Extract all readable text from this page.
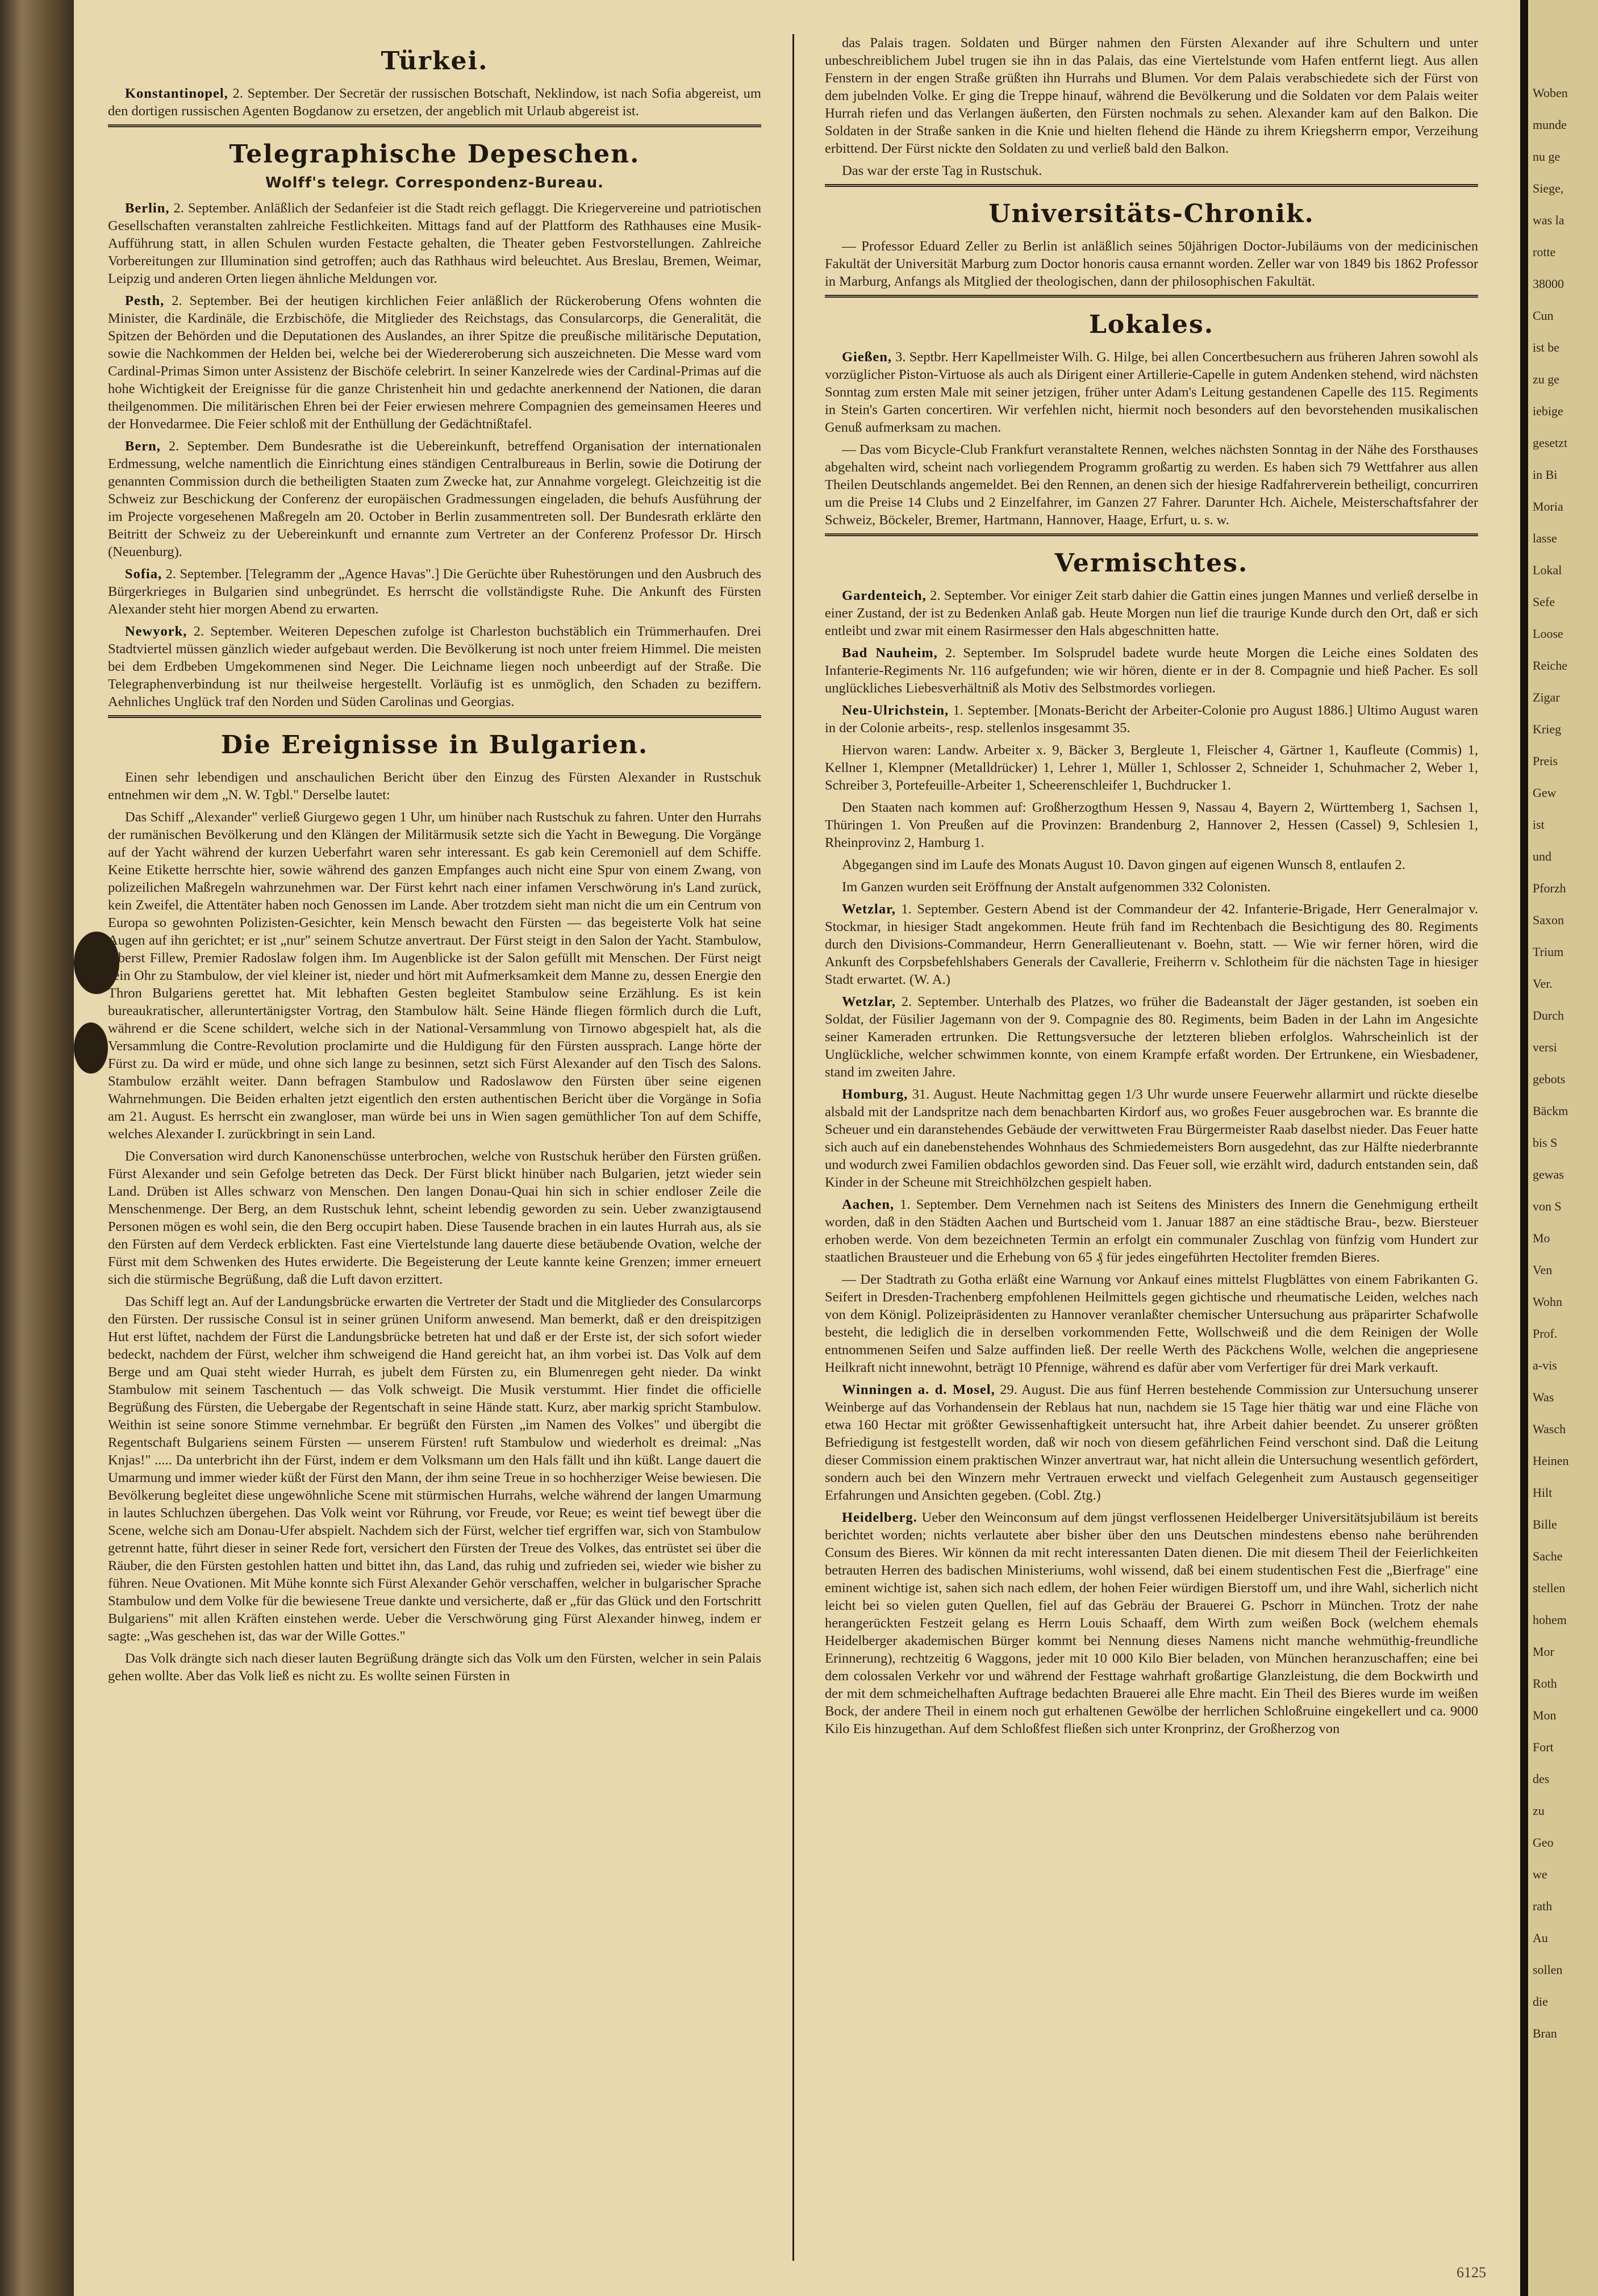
Türkei.

Konstantinopel, 2. September. Der Secretär der russischen Botschaft, Neklindow, ist nach Sofia abgereist, um den dortigen russischen Agenten Bogdanow zu ersetzen, der angeblich mit Urlaub abgereist ist.

Telegraphische Depeschen.
Wolff's telegr. Correspondenz-Bureau.

Berlin, 2. September. Anläßlich der Sedanfeier ist die Stadt reich geflaggt. Die Kriegervereine und patriotischen Gesellschaften veranstalten zahlreiche Festlichkeiten. Mittags fand auf der Plattform des Rathhauses eine Musik-Aufführung statt, in allen Schulen wurden Festacte gehalten, die Theater geben Festvorstellungen. Zahlreiche Vorbereitungen zur Illumination sind getroffen; auch das Rathhaus wird beleuchtet. Aus Breslau, Bremen, Weimar, Leipzig und anderen Orten liegen ähnliche Meldungen vor.

Pesth, 2. September. Bei der heutigen kirchlichen Feier anläßlich der Rückeroberung Ofens wohnten die Minister, die Kardinäle, die Erzbischöfe, die Mitglieder des Reichstags, das Consularcorps, die Generalität, die Spitzen der Behörden und die Deputationen des Auslandes, an ihrer Spitze die preußische militärische Deputation, sowie die Nachkommen der Helden bei, welche bei der Wiedereroberung sich auszeichneten. Die Messe ward vom Cardinal-Primas Simon unter Assistenz der Bischöfe celebrirt. In seiner Kanzelrede wies der Cardinal-Primas auf die hohe Wichtigkeit der Ereignisse für die ganze Christenheit hin und gedachte anerkennend der Nationen, die daran theilgenommen. Die militärischen Ehren bei der Feier erwiesen mehrere Compagnien des gemeinsamen Heeres und der Honvedarmee. Die Feier schloß mit der Enthüllung der Gedächtnißtafel.

Bern, 2. September. Dem Bundesrathe ist die Uebereinkunft, betreffend Organisation der internationalen Erdmessung, welche namentlich die Einrichtung eines ständigen Centralbureaus in Berlin, sowie die Dotirung der genannten Commission durch die betheiligten Staaten zum Zwecke hat, zur Annahme vorgelegt. Gleichzeitig ist die Schweiz zur Beschickung der Conferenz der europäischen Gradmessungen eingeladen, die behufs Ausführung der im Projecte vorgesehenen Maßregeln am 20. October in Berlin zusammentreten soll. Der Bundesrath erklärte den Beitritt der Schweiz zu der Uebereinkunft und ernannte zum Vertreter an der Conferenz Professor Dr. Hirsch (Neuenburg).

Sofia, 2. September. [Telegramm der „Agence Havas".] Die Gerüchte über Ruhestörungen und den Ausbruch des Bürgerkrieges in Bulgarien sind unbegründet. Es herrscht die vollständigste Ruhe. Die Ankunft des Fürsten Alexander steht hier morgen Abend zu erwarten.

Newyork, 2. September. Weiteren Depeschen zufolge ist Charleston buchstäblich ein Trümmerhaufen. Drei Stadtviertel müssen gänzlich wieder aufgebaut werden. Die Bevölkerung ist noch unter freiem Himmel. Die meisten bei dem Erdbeben Umgekommenen sind Neger. Die Leichname liegen noch unbeerdigt auf der Straße. Die Telegraphenverbindung ist nur theilweise hergestellt. Vorläufig ist es unmöglich, den Schaden zu beziffern. Aehnliches Unglück traf den Norden und Süden Carolinas und Georgias.

Die Ereignisse in Bulgarien.

Einen sehr lebendigen und anschaulichen Bericht über den Einzug des Fürsten Alexander in Rustschuk entnehmen wir dem „N. W. Tgbl." Derselbe lautet:

Das Schiff „Alexander" verließ Giurgewo gegen 1 Uhr, um hinüber nach Rustschuk zu fahren. Unter den Hurrahs der rumänischen Bevölkerung und den Klängen der Militärmusik setzte sich die Yacht in Bewegung. Die Vorgänge auf der Yacht während der kurzen Ueberfahrt waren sehr interessant. Es gab kein Ceremoniell auf dem Schiffe. Keine Etikette herrschte hier, sowie während des ganzen Empfanges auch nicht eine Spur von einem Zwang, von polizeilichen Maßregeln wahrzunehmen war. Der Fürst kehrt nach einer infamen Verschwörung in's Land zurück, kein Zweifel, die Attentäter haben noch Genossen im Lande. Aber trotzdem sieht man nicht die um ein Centrum von Europa so gewohnten Polizisten-Gesichter, kein Mensch bewacht den Fürsten — das begeisterte Volk hat seine Augen auf ihn gerichtet; er ist „nur" seinem Schutze anvertraut. Der Fürst steigt in den Salon der Yacht. Stambulow, Oberst Fillew, Premier Radoslaw folgen ihm. Im Augenblicke ist der Salon gefüllt mit Menschen. Der Fürst neigt sein Ohr zu Stambulow, der viel kleiner ist, nieder und hört mit Aufmerksamkeit dem Manne zu, dessen Energie den Thron Bulgariens gerettet hat. Mit lebhaften Gesten begleitet Stambulow seine Erzählung. Es ist kein bureaukratischer, alleruntertänigster Vortrag, den Stambulow hält. Seine Hände fliegen förmlich durch die Luft, während er die Scene schildert, welche sich in der National-Versammlung von Tirnowo abgespielt hat, als die Versammlung die Contre-Revolution proclamirte und die Huldigung für den Fürsten aussprach. Lange hörte der Fürst zu. Da wird er müde, und ohne sich lange zu besinnen, setzt sich Fürst Alexander auf den Tisch des Salons. Stambulow erzählt weiter. Dann befragen Stambulow und Radoslawow den Fürsten über seine eigenen Wahrnehmungen. Die Beiden erhalten jetzt eigentlich den ersten authentischen Bericht über die Vorgänge in Sofia am 21. August. Es herrscht ein zwangloser, man würde bei uns in Wien sagen gemüthlicher Ton auf dem Schiffe, welches Alexander I. zurückbringt in sein Land.

Die Conversation wird durch Kanonenschüsse unterbrochen, welche von Rustschuk herüber den Fürsten grüßen. Fürst Alexander und sein Gefolge betreten das Deck. Der Fürst blickt hinüber nach Bulgarien, jetzt wieder sein Land. Drüben ist Alles schwarz von Menschen. Den langen Donau-Quai hin sich in schier endloser Zeile die Menschenmenge. Der Berg, an dem Rustschuk lehnt, scheint lebendig geworden zu sein. Ueber zwanzigtausend Personen mögen es wohl sein, die den Berg occupirt haben. Diese Tausende brachen in ein lautes Hurrah aus, als sie den Fürsten auf dem Verdeck erblickten. Fast eine Viertelstunde lang dauerte diese betäubende Ovation, welche der Fürst mit dem Schwenken des Hutes erwiderte. Die Begeisterung der Leute kannte keine Grenzen; immer erneuert sich die stürmische Begrüßung, daß die Luft davon erzittert.

Das Schiff legt an. Auf der Landungsbrücke erwarten die Vertreter der Stadt und die Mitglieder des Consularcorps den Fürsten. Der russische Consul ist in seiner grünen Uniform anwesend. Man bemerkt, daß er den dreispitzigen Hut erst lüftet, nachdem der Fürst die Landungsbrücke betreten hat und daß er der Erste ist, der sich sofort wieder bedeckt, nachdem der Fürst, welcher ihm schweigend die Hand gereicht hat, an ihm vorbei ist. Das Volk auf dem Berge und am Quai steht wieder Hurrah, es jubelt dem Fürsten zu, ein Blumenregen geht nieder. Da winkt Stambulow mit seinem Taschentuch — das Volk schweigt. Die Musik verstummt. Hier findet die officielle Begrüßung des Fürsten, die Uebergabe der Regentschaft in seine Hände statt. Kurz, aber markig spricht Stambulow. Weithin ist seine sonore Stimme vernehmbar. Er begrüßt den Fürsten „im Namen des Volkes" und übergibt die Regentschaft Bulgariens seinem Fürsten — unserem Fürsten! ruft Stambulow und wiederholt es dreimal: „Nas Knjas!" ..... Da unterbricht ihn der Fürst, indem er dem Volksmann um den Hals fällt und ihn küßt. Lange dauert die Umarmung und immer wieder küßt der Fürst den Mann, der ihm seine Treue in so hochherziger Weise bewiesen. Die Bevölkerung begleitet diese ungewöhnliche Scene mit stürmischen Hurrahs, welche während der langen Umarmung in lautes Schluchzen übergehen. Das Volk weint vor Rührung, vor Freude, vor Reue; es weint tief bewegt über die Scene, welche sich am Donau-Ufer abspielt. Nachdem sich der Fürst, welcher tief ergriffen war, sich von Stambulow getrennt hatte, führt dieser in seiner Rede fort, versichert den Fürsten der Treue des Volkes, das entrüstet sei über die Räuber, die den Fürsten gestohlen hatten und bittet ihn, das Land, das ruhig und zufrieden sei, wieder wie bisher zu führen. Neue Ovationen. Mit Mühe konnte sich Fürst Alexander Gehör verschaffen, welcher in bulgarischer Sprache Stambulow und dem Volke für die bewiesene Treue dankte und versicherte, daß er „für das Glück und den Fortschritt Bulgariens" mit allen Kräften einstehen werde. Ueber die Verschwörung ging Fürst Alexander hinweg, indem er sagte: „Was geschehen ist, das war der Wille Gottes."

Das Volk drängte sich nach dieser lauten Begrüßung drängte sich das Volk um den Fürsten, welcher in sein Palais gehen wollte. Aber das Volk ließ es nicht zu. Es wollte seinen Fürsten in

das Palais tragen. Soldaten und Bürger nahmen den Fürsten Alexander auf ihre Schultern und unter unbeschreiblichem Jubel trugen sie ihn in das Palais, das eine Viertelstunde vom Hafen entfernt liegt. Aus allen Fenstern in der engen Straße grüßten ihn Hurrahs und Blumen. Vor dem Palais verabschiedete sich der Fürst von dem jubelnden Volke. Er ging die Treppe hinauf, während die Bevölkerung und die Soldaten vor dem Palais weiter Hurrah riefen und das Verlangen äußerten, den Fürsten nochmals zu sehen. Alexander kam auf den Balkon. Die Soldaten in der Straße sanken in die Knie und hielten flehend die Hände zu ihrem Kriegsherrn empor, Verzeihung erbittend. Der Fürst nickte den Soldaten zu und verließ bald den Balkon.

Das war der erste Tag in Rustschuk.

Universitäts-Chronik.

— Professor Eduard Zeller zu Berlin ist anläßlich seines 50jährigen Doctor-Jubiläums von der medicinischen Fakultät der Universität Marburg zum Doctor honoris causa ernannt worden. Zeller war von 1849 bis 1862 Professor in Marburg, Anfangs als Mitglied der theologischen, dann der philosophischen Fakultät.

Lokales.

Gießen, 3. Septbr. Herr Kapellmeister Wilh. G. Hilge, bei allen Concertbesuchern aus früheren Jahren sowohl als vorzüglicher Piston-Virtuose als auch als Dirigent einer Artillerie-Capelle in gutem Andenken stehend, wird nächsten Sonntag zum ersten Male mit seiner jetzigen, früher unter Adam's Leitung gestandenen Capelle des 115. Regiments in Stein's Garten concertiren. Wir verfehlen nicht, hiermit noch besonders auf den bevorstehenden musikalischen Genuß aufmerksam zu machen.

— Das vom Bicycle-Club Frankfurt veranstaltete Rennen, welches nächsten Sonntag in der Nähe des Forsthauses abgehalten wird, scheint nach vorliegendem Programm großartig zu werden. Es haben sich 79 Wettfahrer aus allen Theilen Deutschlands angemeldet. Bei den Rennen, an denen sich der hiesige Radfahrerverein betheiligt, concurriren um die Preise 14 Clubs und 2 Einzelfahrer, im Ganzen 27 Fahrer. Darunter Hch. Aichele, Meisterschaftsfahrer der Schweiz, Böckeler, Bremer, Hartmann, Hannover, Haage, Erfurt, u. s. w.

Vermischtes.

Gardenteich, 2. September. Vor einiger Zeit starb dahier die Gattin eines jungen Mannes und verließ derselbe in einer Zustand, der ist zu Bedenken Anlaß gab. Heute Morgen nun lief die traurige Kunde durch den Ort, daß er sich entleibt und zwar mit einem Rasirmesser den Hals abgeschnitten hatte.

Bad Nauheim, 2. September. Im Solsprudel badete wurde heute Morgen die Leiche eines Soldaten des Infanterie-Regiments Nr. 116 aufgefunden; wie wir hören, diente er in der 8. Compagnie und hieß Pacher. Es soll unglückliches Liebesverhältniß als Motiv des Selbstmordes vorliegen.

Neu-Ulrichstein, 1. September. [Monats-Bericht der Arbeiter-Colonie pro August 1886.] Ultimo August waren in der Colonie arbeits-, resp. stellenlos insgesammt 35.

Hiervon waren: Landw. Arbeiter x. 9, Bäcker 3, Bergleute 1, Fleischer 4, Gärtner 1, Kaufleute (Commis) 1, Kellner 1, Klempner (Metalldrücker) 1, Lehrer 1, Müller 1, Schlosser 2, Schneider 1, Schuhmacher 2, Weber 1, Schreiber 3, Portefeuille-Arbeiter 1, Scheerenschleifer 1, Buchdrucker 1.

Den Staaten nach kommen auf: Großherzogthum Hessen 9, Nassau 4, Bayern 2, Württemberg 1, Sachsen 1, Thüringen 1. Von Preußen auf die Provinzen: Brandenburg 2, Hannover 2, Hessen (Cassel) 9, Schlesien 1, Rheinprovinz 2, Hamburg 1.

Abgegangen sind im Laufe des Monats August 10. Davon gingen auf eigenen Wunsch 8, entlaufen 2.

Im Ganzen wurden seit Eröffnung der Anstalt aufgenommen 332 Colonisten.

Wetzlar, 1. September. Gestern Abend ist der Commandeur der 42. Infanterie-Brigade, Herr Generalmajor v. Stockmar, in hiesiger Stadt angekommen. Heute früh fand im Rechtenbach die Besichtigung des 80. Regiments durch den Divisions-Commandeur, Herrn Generallieutenant v. Boehn, statt. — Wie wir ferner hören, wird die Ankunft des Corpsbefehlshabers Generals der Cavallerie, Freiherrn v. Schlotheim für die nächsten Tage in hiesiger Stadt erwartet. (W. A.)

Wetzlar, 2. September. Unterhalb des Platzes, wo früher die Badeanstalt der Jäger gestanden, ist soeben ein Soldat, der Füsilier Jagemann von der 9. Compagnie des 80. Regiments, beim Baden in der Lahn im Angesichte seiner Kameraden ertrunken. Die Rettungsversuche der letzteren blieben erfolglos. Wahrscheinlich ist der Unglückliche, welcher schwimmen konnte, von einem Krampfe erfaßt worden. Der Ertrunkene, ein Wiesbadener, stand im zweiten Jahre.

Homburg, 31. August. Heute Nachmittag gegen 1/3 Uhr wurde unsere Feuerwehr allarmirt und rückte dieselbe alsbald mit der Landspritze nach dem benachbarten Kirdorf aus, wo großes Feuer ausgebrochen war. Es brannte die Scheuer und ein daranstehendes Gebäude der verwittweten Frau Bürgermeister Raab daselbst nieder. Das Feuer hatte sich auch auf ein danebenstehendes Wohnhaus des Schmiedemeisters Born ausgedehnt, das zur Hälfte niederbrannte und wodurch zwei Familien obdachlos geworden sind. Das Feuer soll, wie erzählt wird, dadurch entstanden sein, daß Kinder in der Scheune mit Streichhölzchen gespielt haben.

Aachen, 1. September. Dem Vernehmen nach ist Seitens des Ministers des Innern die Genehmigung ertheilt worden, daß in den Städten Aachen und Burtscheid vom 1. Januar 1887 an eine städtische Brau-, bezw. Biersteuer erhoben werde. Von dem bezeichneten Termin an erfolgt ein communaler Zuschlag von fünfzig vom Hundert zur staatlichen Brausteuer und die Erhebung von 65 ₰ für jedes eingeführten Hectoliter fremden Bieres.

— Der Stadtrath zu Gotha erläßt eine Warnung vor Ankauf eines mittelst Flugblättes von einem Fabrikanten G. Seifert in Dresden-Trachenberg empfohlenen Heilmittels gegen gichtische und rheumatische Leiden, welches nach von dem Königl. Polizeipräsidenten zu Hannover veranlaßter chemischer Untersuchung aus präparirter Schafwolle besteht, die lediglich die in derselben vorkommenden Fette, Wollschweiß und die dem Reinigen der Wolle entnommenen Seifen und Salze auffinden ließ. Der reelle Werth des Päckchens Wolle, welchen die angepriesene Heilkraft nicht innewohnt, beträgt 10 Pfennige, während es dafür aber vom Verfertiger für drei Mark verkauft.

Winningen a. d. Mosel, 29. August. Die aus fünf Herren bestehende Commission zur Untersuchung unserer Weinberge auf das Vorhandensein der Reblaus hat nun, nachdem sie 15 Tage hier thätig war und eine Fläche von etwa 160 Hectar mit größter Gewissenhaftigkeit untersucht hat, ihre Arbeit dahier beendet. Zu unserer größten Befriedigung ist festgestellt worden, daß wir noch von diesem gefährlichen Feind verschont sind. Daß die Leitung dieser Commission einem praktischen Winzer anvertraut war, hat nicht allein die Untersuchung wesentlich gefördert, sondern auch bei den Winzern mehr Vertrauen erweckt und vielfach Gelegenheit zum Austausch gegenseitiger Erfahrungen und Ansichten gegeben. (Cobl. Ztg.)

Heidelberg. Ueber den Weinconsum auf dem jüngst verflossenen Heidelberger Universitätsjubiläum ist bereits berichtet worden; nichts verlautete aber bisher über den uns Deutschen mindestens ebenso nahe berührenden Consum des Bieres. Wir können da mit recht interessanten Daten dienen. Die mit diesem Theil der Feierlichkeiten betrauten Herren des badischen Ministeriums, wohl wissend, daß bei einem studentischen Fest die „Bierfrage" eine eminent wichtige ist, sahen sich nach edlem, der hohen Feier würdigen Bierstoff um, und ihre Wahl, sicherlich nicht leicht bei so vielen guten Quellen, fiel auf das Gebräu der Brauerei G. Pschorr in München. Trotz der nahe herangerückten Festzeit gelang es Herrn Louis Schaaff, dem Wirth zum weißen Bock (welchem ehemals Heidelberger akademischen Bürger kommt bei Nennung dieses Namens nicht manche wehmüthig-freundliche Erinnerung), rechtzeitig 6 Waggons, jeder mit 10 000 Kilo Bier beladen, von München heranzuschaffen; eine bei dem colossalen Verkehr vor und während der Festtage wahrhaft großartige Glanzleistung, die dem Bockwirth und der mit dem schmeichelhaften Auftrage bedachten Brauerei alle Ehre macht. Ein Theil des Bieres wurde im weißen Bock, der andere Theil in einem noch gut erhaltenen Gewölbe der herrlichen Schloßruine eingekellert und ca. 9000 Kilo Eis hinzugethan. Auf dem Schloßfest fließen sich unter Kronprinz, der Großherzog von

6125
Woben
munde
nu ge
Siege,
was la
rotte
38000
Cun
ist be
zu ge
iebige
gesetzt
in Bi
Moria
lasse
Lokal
Sefe
Loose
Reiche
Zigar
Krieg
Preis
Gew
ist
und
Pforzh
Saxon
Trium
Ver.
Durch
versi
gebots
Bäckm
bis S
gewas
von S
Mo
Ven
Wohn
Prof.
a-vis
Was
Wasch
Heinen
Hilt
Bille
Sache
stellen
hohem
Mor
Roth
Mon
Fort
des
zu
Geo
we
rath
Au
sollen
die
Bran
